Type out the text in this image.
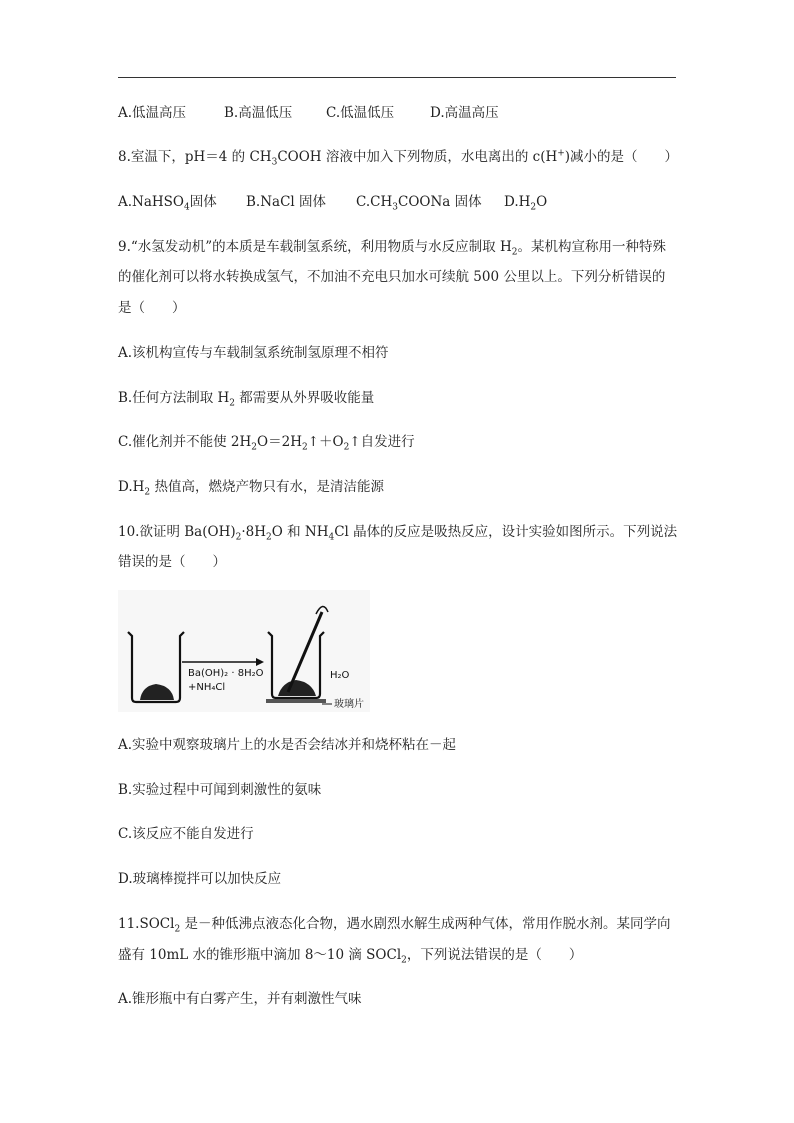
A.低温高压	B.高温低压	C.低温低压	D.高温高压
8.室温下，pH＝4 的 $CH_3COOH$ 溶液中加入下列物质，水电离出的 c(H+)减小的是（　　）
A.NaHSO$_4$固体	B.NaCl 固体	$C.CH_3COONa$ 固体	$D.H_2O$
9.“水氢发动机”的本质是车载制氢系统，利用物质与水反应制取 $H_2$。某机构宣称用一种特殊
的催化剂可以将水转换成氢气，不加油不充电只加水可续航 500 公里以上。下列分析错误的
是（　　）
A.该机构宣传与车载制氢系统制氢原理不相符
B.任何方法制取 $H_2$ 都需要从外界吸收能量
C.催化剂并不能使 $2H_2O=2H_2↑+O_2↑$自发进行
$D.H_2$ 热值高，燃烧产物只有水，是清洁能源
10.欲证明 $Ba(OH)_2\cdot 8H_2O$ 和 $NH_4Cl$ 晶体的反应是吸热反应，设计实验如图所示。下列说法
错误的是（　　）
Ba(OH)₂ · 8H₂O
+NH₄Cl
H₂O
玻璃片
A.实验中观察玻璃片上的水是否会结冰并和烧杯粘在－起
B.实验过程中可闻到刺激性的氨味
C.该反应不能自发进行
D.玻璃棒搅拌可以加快反应
11.SOCl$_2$ 是－种低沸点液态化合物，遇水剧烈水解生成两种气体，常用作脱水剂。某同学向
盛有 10mL 水的锥形瓶中滴加 8～10 滴 SOCl$_2$，下列说法错误的是（　　）
A.锥形瓶中有白雾产生，并有刺激性气味
